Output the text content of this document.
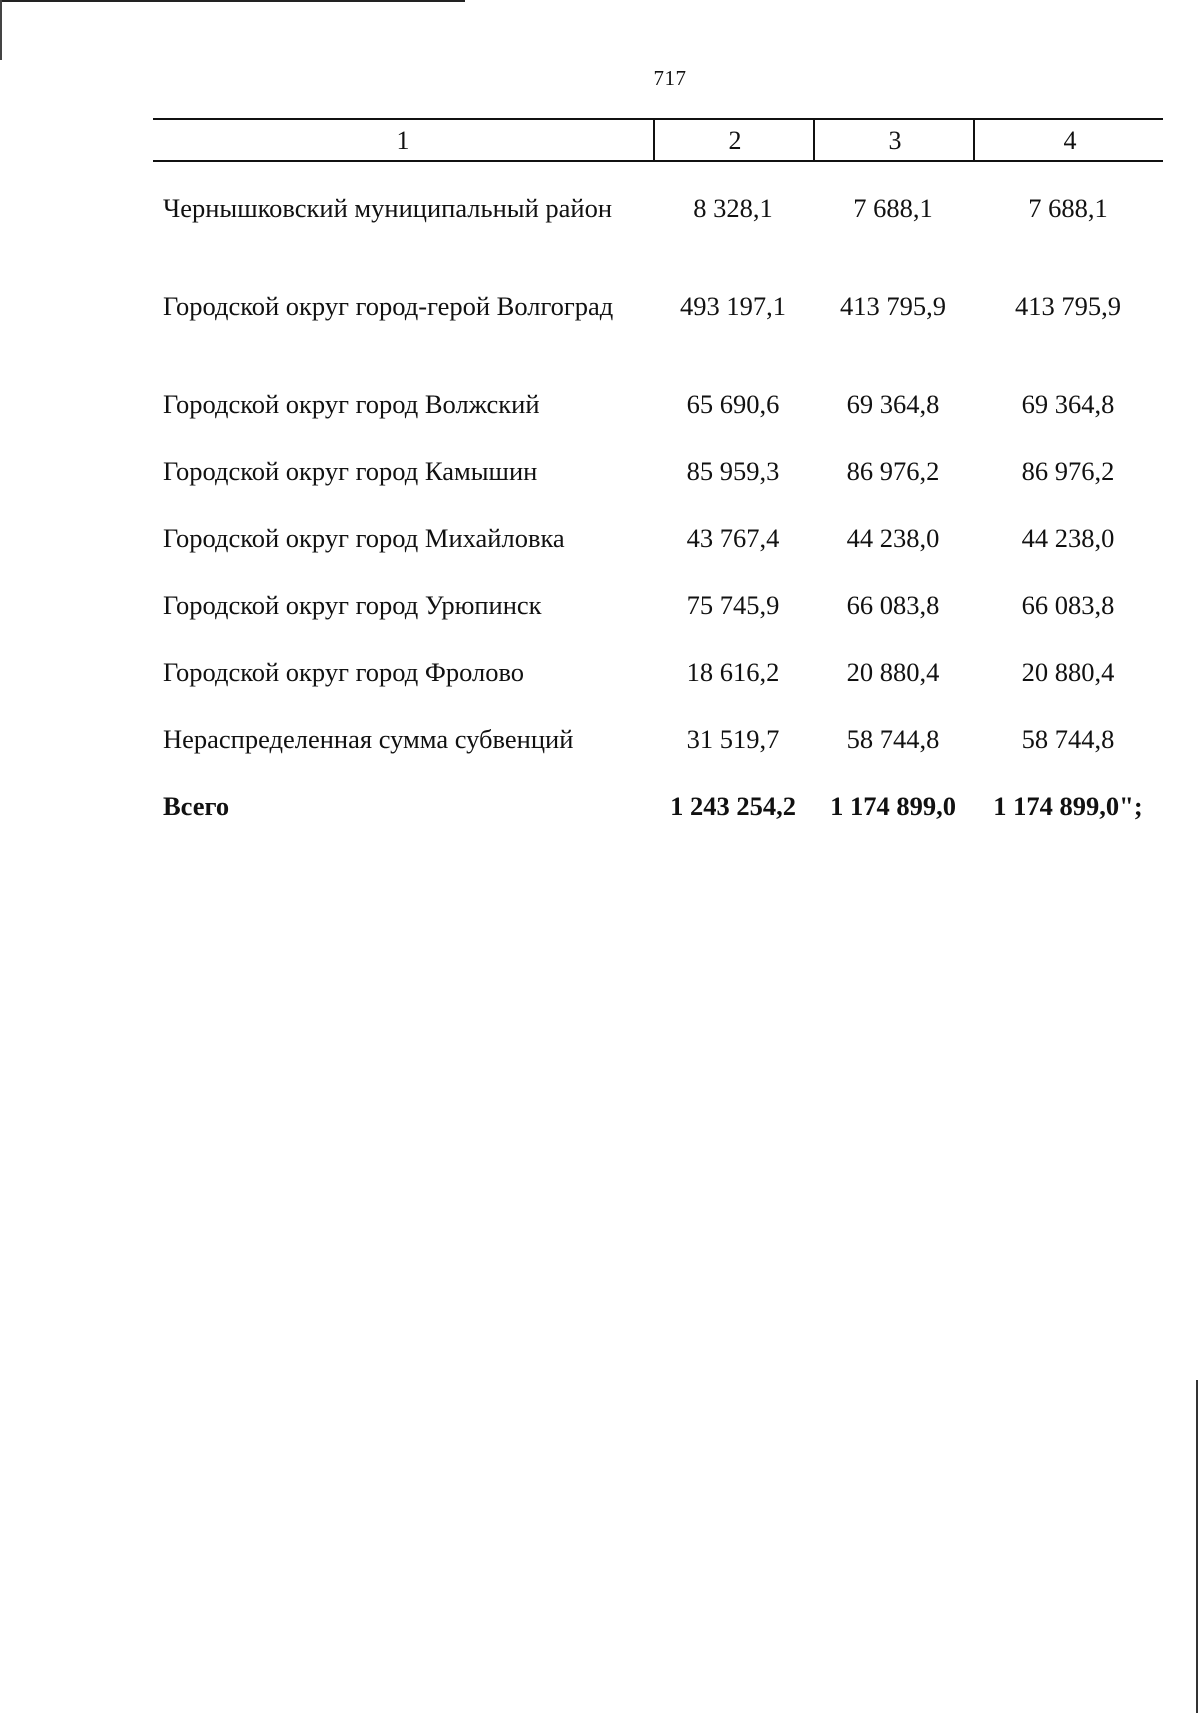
717
1	2	3	4
Чернышковский муниципальный район	8 328,1	7 688,1	7 688,1
Городской округ город-герой Волгоград	493 197,1	413 795,9	413 795,9
Городской округ город Волжский	65 690,6	69 364,8	69 364,8
Городской округ город Камышин	85 959,3	86 976,2	86 976,2
Городской округ город Михайловка	43 767,4	44 238,0	44 238,0
Городской округ город Урюпинск	75 745,9	66 083,8	66 083,8
Городской округ город Фролово	18 616,2	20 880,4	20 880,4
Нераспределенная сумма субвенций	31 519,7	58 744,8	58 744,8
Всего	1 243 254,2	1 174 899,0	1 174 899,0";
